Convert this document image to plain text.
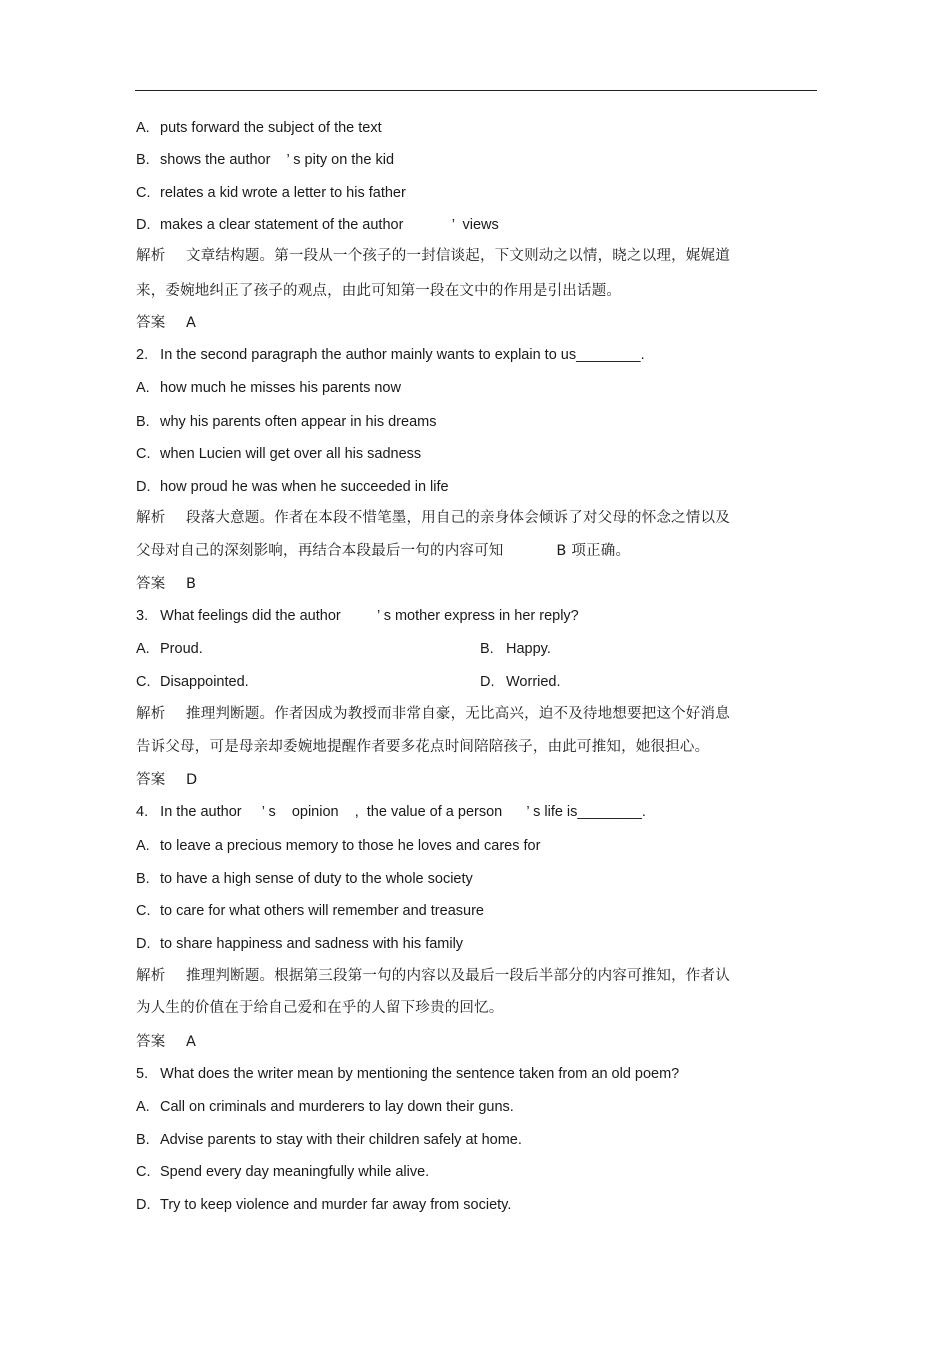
A. puts forward the subject of the text

B. shows the author    ’ s pity on the kid

C. relates a kid wrote a letter to his father

D. makes a clear statement of the author            ’  views

解析 文章结构题。第一段从一个孩子的一封信谈起，下文则动之以情，晓之以理，娓娓道

来，委婉地纠正了孩子的观点，由此可知第一段在文中的作用是引出话题。

答案 A

2.   In the second paragraph the author mainly wants to explain to us________.

A. how much he misses his parents now

B. why his parents often appear in his dreams

C. when Lucien will get over all his sadness

D. how proud he was when he succeeded in life

解析 段落大意题。作者在本段不惜笔墨，用自己的亲身体会倾诉了对父母的怀念之情以及

父母对自己的深刻影响，再结合本段最后一句的内容可知           B 项正确。

答案 B

3.   What feelings did the author         ’ s mother express in her reply?

A. Proud.	B. Happy.

C. Disappointed.	D. Worried.

解析 推理判断题。作者因成为教授而非常自豪，无比高兴，迫不及待地想要把这个好消息

告诉父母，可是母亲却委婉地提醒作者要多花点时间陪陪孩子，由此可推知，她很担心。

答案 D

4.   In the author     ’ s    opinion    ,  the value of a person      ’ s life is________.

A. to leave a precious memory to those he loves and cares for

B. to have a high sense of duty to the whole society

C. to care for what others will remember and treasure

D. to share happiness and sadness with his family

解析 推理判断题。根据第三段第一句的内容以及最后一段后半部分的内容可推知，作者认

为人生的价值在于给自己爱和在乎的人留下珍贵的回忆。

答案 A

5.   What does the writer mean by mentioning the sentence taken from an old poem?

A. Call on criminals and murderers to lay down their guns.

B. Advise parents to stay with their children safely at home.

C. Spend every day meaningfully while alive.

D. Try to keep violence and murder far away from society.
